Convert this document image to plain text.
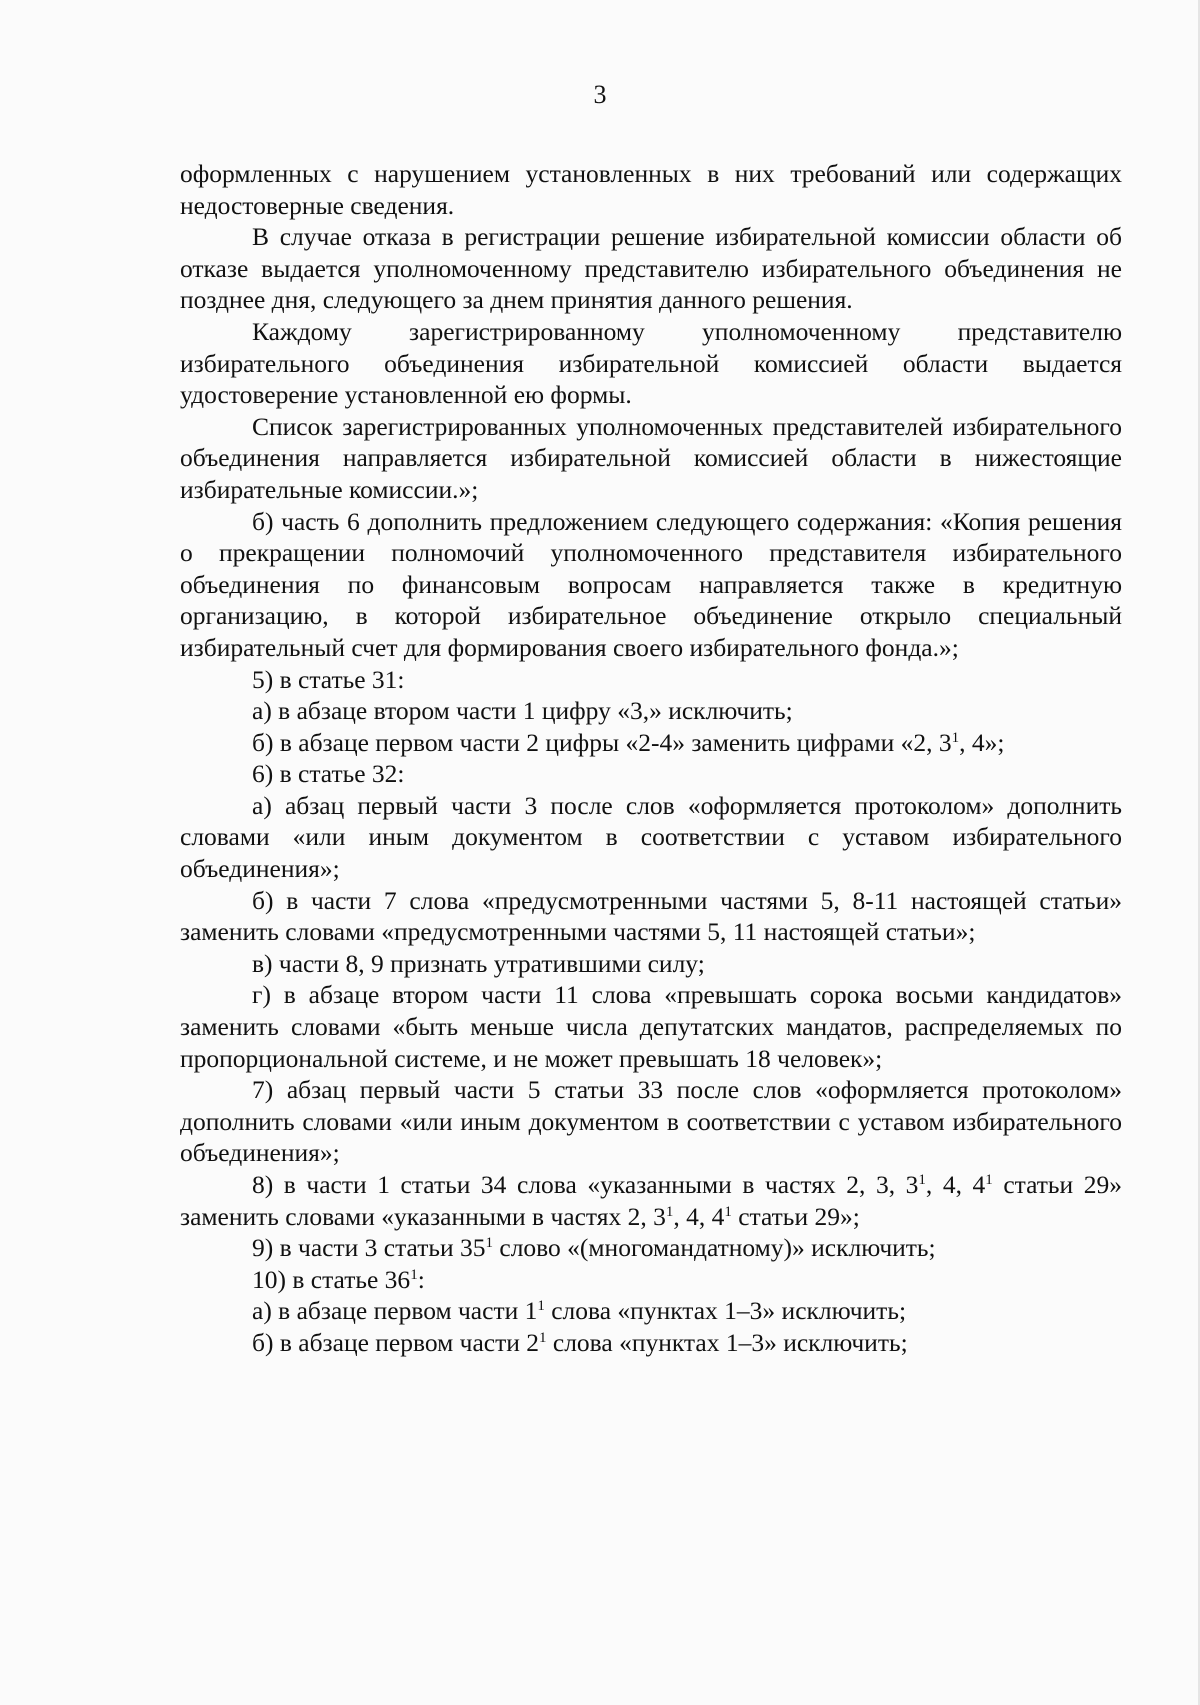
3

оформленных с нарушением установленных в них требований или содержащих недостоверные сведения.

В случае отказа в регистрации решение избирательной комиссии области об отказе выдается уполномоченному представителю избирательного объединения не позднее дня, следующего за днем принятия данного решения.

Каждому зарегистрированному уполномоченному представителю избирательного объединения избирательной комиссией области выдается удостоверение установленной ею формы.

Список зарегистрированных уполномоченных представителей избирательного объединения направляется избирательной комиссией области в нижестоящие избирательные комиссии.»;

б) часть 6 дополнить предложением следующего содержания: «Копия решения о прекращении полномочий уполномоченного представителя избирательного объединения по финансовым вопросам направляется также в кредитную организацию, в которой избирательное объединение открыло специальный избирательный счет для формирования своего избирательного фонда.»;

5) в статье 31:

а) в абзаце втором части 1 цифру «3,» исключить;

б) в абзаце первом части 2 цифры «2-4» заменить цифрами «2, $3^1$, 4»;

6) в статье 32:

а) абзац первый части 3 после слов «оформляется протоколом» дополнить словами «или иным документом в соответствии с уставом избирательного объединения»;

б) в части 7 слова «предусмотренными частями 5, 8-11 настоящей статьи» заменить словами «предусмотренными частями 5, 11 настоящей статьи»;

в) части 8, 9 признать утратившими силу;

г) в абзаце втором части 11 слова «превышать сорока восьми кандидатов» заменить словами «быть меньше числа депутатских мандатов, распределяемых по пропорциональной системе, и не может превышать 18 человек»;

7) абзац первый части 5 статьи 33 после слов «оформляется протоколом» дополнить словами «или иным документом в соответствии с уставом избирательного объединения»;

8) в части 1 статьи 34 слова «указанными в частях 2, 3, $3^1$, 4, $4^1$ статьи 29» заменить словами «указанными в частях 2, $3^1$, 4, $4^1$ статьи 29»;

9) в части 3 статьи $35^1$ слово «(многомандатному)» исключить;

10) в статье $36^1$:

а) в абзаце первом части $1^1$ слова «пунктах 1–3» исключить;

б) в абзаце первом части $2^1$ слова «пунктах 1–3» исключить;
